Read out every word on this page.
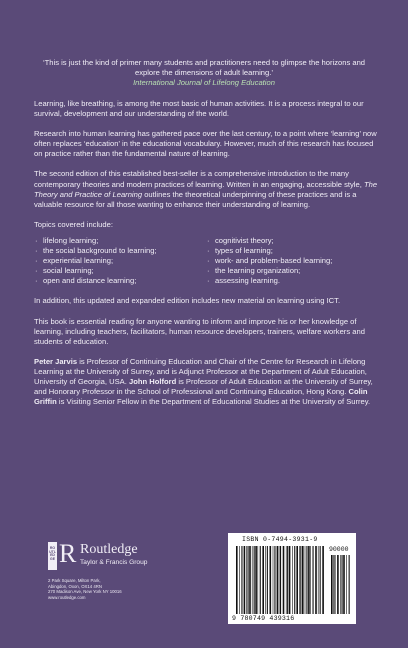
‘This is just the kind of primer many students and practitioners need to glimpse the horizons and explore the dimensions of adult learning.’
International Journal of Lifelong Education

Learning, like breathing, is among the most basic of human activities. It is a process integral to our survival, development and our understanding of the world.

Research into human learning has gathered pace over the last century, to a point where ‘learning’ now often replaces ‘education’ in the educational vocabulary. However, much of this research has focused on practice rather than the fundamental nature of learning.

The second edition of this established best-seller is a comprehensive introduction to the many contemporary theories and modern practices of learning. Written in an engaging, accessible style, The Theory and Practice of Learning outlines the theoretical underpinning of these practices and is a valuable resource for all those wanting to enhance their understanding of learning.

Topics covered include:

· lifelong learning;
· the social background to learning;
· experiential learning;
· social learning;
· open and distance learning;
· cognitivist theory;
· types of learning;
· work- and problem-based learning;
· the learning organization;
· assessing learning.

In addition, this updated and expanded edition includes new material on learning using ICT.

This book is essential reading for anyone wanting to inform and improve his or her knowledge of learning, including teachers, facilitators, human resource developers, trainers, welfare workers and students of education.

Peter Jarvis is Professor of Continuing Education and Chair of the Centre for Research in Lifelong Learning at the University of Surrey, and is Adjunct Professor at the Department of Adult Education, University of Georgia, USA. John Holford is Professor of Adult Education at the University of Surrey, and Honorary Professor in the School of Professional and Continuing Education, Hong Kong. Colin Griffin is Visiting Senior Fellow in the Department of Educational Studies at the University of Surrey.

ROUTLEDGE R Routledge
Taylor & Francis Group
2 Park Square, Milton Park,
Abingdon, Oxon, OX14 4RN
270 Madison Ave, New York NY 10016
www.routledge.com
ISBN 0-7494-3931-9
90000
9 780749 439316
